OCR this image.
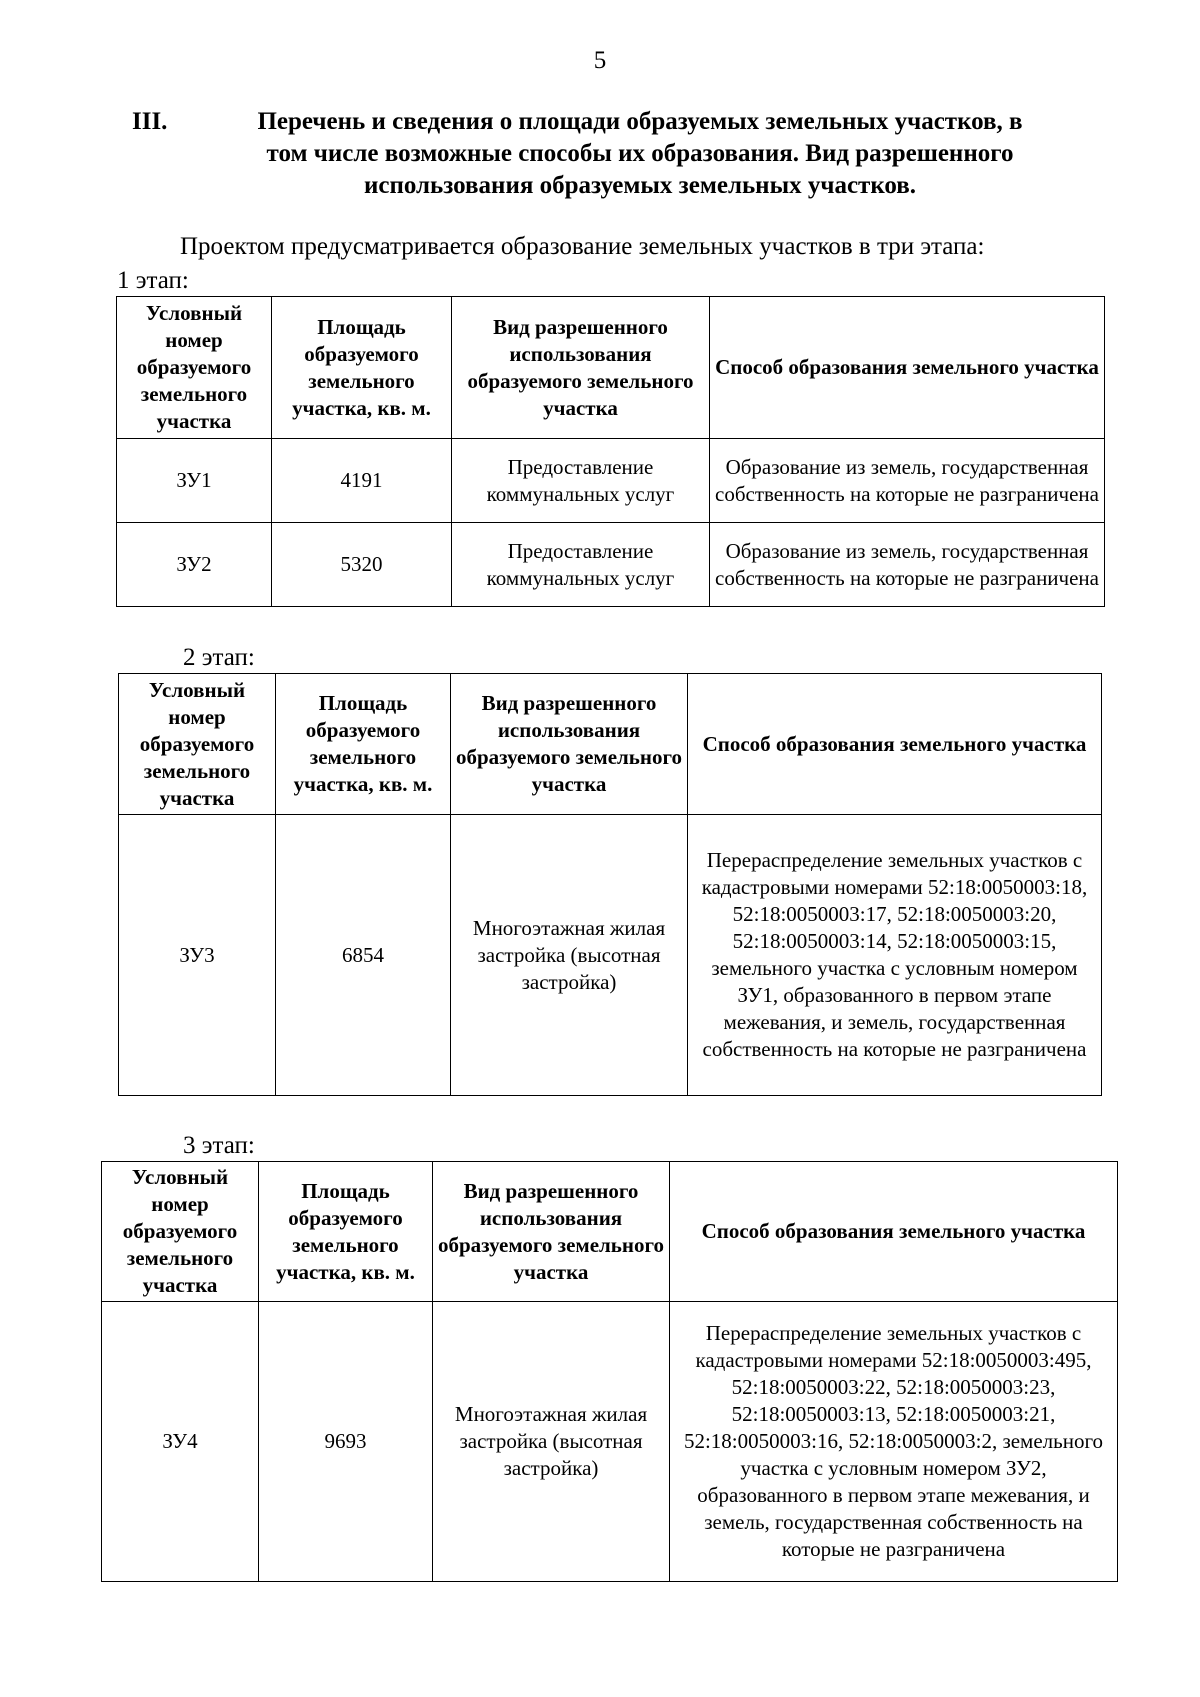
5
III.	Перечень и сведения о площади образуемых земельных участков, в
том числе возможные способы их образования. Вид разрешенного
использования образуемых земельных участков.
Проектом предусматривается образование земельных участков в три этапа:
1 этап:
Условный номер образуемого земельного участка	Площадь образуемого земельного участка, кв. м.	Вид разрешенного использования образуемого земельного участка	Способ образования земельного участка
ЗУ1	4191	Предоставление коммунальных услуг	Образование из земель, государственная собственность на которые не разграничена
ЗУ2	5320	Предоставление коммунальных услуг	Образование из земель, государственная собственность на которые не разграничена
2 этап:
Условный номер образуемого земельного участка	Площадь образуемого земельного участка, кв. м.	Вид разрешенного использования образуемого земельного участка	Способ образования земельного участка
ЗУ3	6854	Многоэтажная жилая застройка (высотная застройка)	Перераспределение земельных участков с кадастровыми номерами 52:18:0050003:18, 52:18:0050003:17, 52:18:0050003:20, 52:18:0050003:14, 52:18:0050003:15, земельного участка с условным номером ЗУ1, образованного в первом этапе межевания, и земель, государственная собственность на которые не разграничена
3 этап:
Условный номер образуемого земельного участка	Площадь образуемого земельного участка, кв. м.	Вид разрешенного использования образуемого земельного участка	Способ образования земельного участка
ЗУ4	9693	Многоэтажная жилая застройка (высотная застройка)	Перераспределение земельных участков с кадастровыми номерами 52:18:0050003:495, 52:18:0050003:22, 52:18:0050003:23, 52:18:0050003:13, 52:18:0050003:21, 52:18:0050003:16, 52:18:0050003:2, земельного участка с условным номером ЗУ2, образованного в первом этапе межевания, и земель, государственная собственность на которые не разграничена
